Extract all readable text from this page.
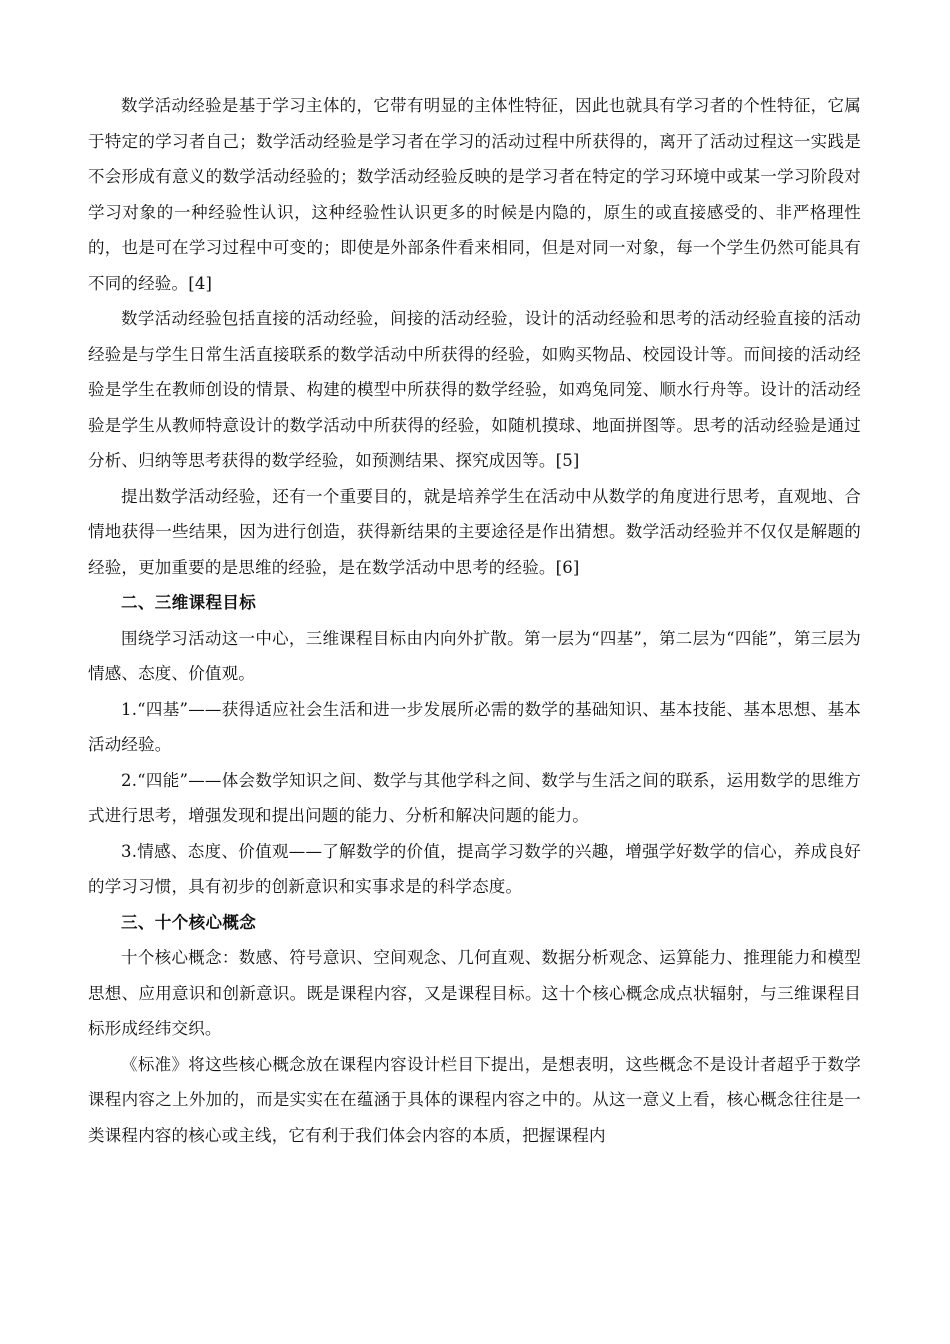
数学活动经验是基于学习主体的，它带有明显的主体性特征，因此也就具有学习者的个性特征，它属于特定的学习者自己；数学活动经验是学习者在学习的活动过程中所获得的，离开了活动过程这一实践是不会形成有意义的数学活动经验的；数学活动经验反映的是学习者在特定的学习环境中或某一学习阶段对学习对象的一种经验性认识，这种经验性认识更多的时候是内隐的，原生的或直接感受的、非严格理性的，也是可在学习过程中可变的；即使是外部条件看来相同，但是对同一对象，每一个学生仍然可能具有不同的经验。[4]

数学活动经验包括直接的活动经验，间接的活动经验，设计的活动经验和思考的活动经验直接的活动经验是与学生日常生活直接联系的数学活动中所获得的经验，如购买物品、校园设计等。而间接的活动经验是学生在教师创设的情景、构建的模型中所获得的数学经验，如鸡兔同笼、顺水行舟等。设计的活动经验是学生从教师特意设计的数学活动中所获得的经验，如随机摸球、地面拼图等。思考的活动经验是通过分析、归纳等思考获得的数学经验，如预测结果、探究成因等。[5]

提出数学活动经验，还有一个重要目的，就是培养学生在活动中从数学的角度进行思考，直观地、合情地获得一些结果，因为进行创造，获得新结果的主要途径是作出猜想。数学活动经验并不仅仅是解题的经验，更加重要的是思维的经验，是在数学活动中思考的经验。[6]

二、三维课程目标

围绕学习活动这一中心，三维课程目标由内向外扩散。第一层为“四基”，第二层为“四能”，第三层为情感、态度、价值观。

1.“四基”——获得适应社会生活和进一步发展所必需的数学的基础知识、基本技能、基本思想、基本活动经验。

2.“四能”——体会数学知识之间、数学与其他学科之间、数学与生活之间的联系，运用数学的思维方式进行思考，增强发现和提出问题的能力、分析和解决问题的能力。

3.情感、态度、价值观——了解数学的价值，提高学习数学的兴趣，增强学好数学的信心，养成良好的学习习惯，具有初步的创新意识和实事求是的科学态度。

三、十个核心概念

十个核心概念：数感、符号意识、空间观念、几何直观、数据分析观念、运算能力、推理能力和模型思想、应用意识和创新意识。既是课程内容，又是课程目标。这十个核心概念成点状辐射，与三维课程目标形成经纬交织。

《标准》将这些核心概念放在课程内容设计栏目下提出，是想表明，这些概念不是设计者超乎于数学课程内容之上外加的，而是实实在在蕴涵于具体的课程内容之中的。从这一意义上看，核心概念往往是一类课程内容的核心或主线，它有利于我们体会内容的本质，把握课程内
